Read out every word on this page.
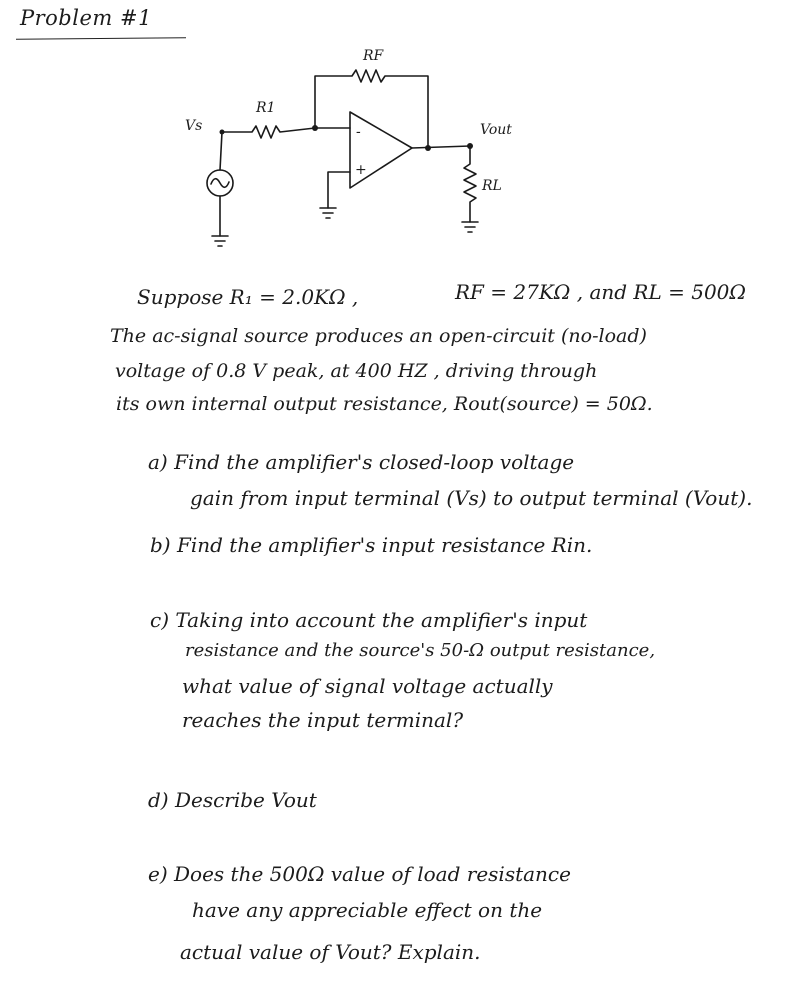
Problem #1
RF
R1
Vs	Vout
RL
-
+
Suppose R₁ = 2.0KΩ ,	RF = 27KΩ , and RL = 500Ω
The ac-signal source produces an open-circuit (no-load)
voltage of 0.8 V peak, at 400 HZ , driving through
its own internal output resistance, Rout(source) = 50Ω.
a) Find the amplifier's closed-loop voltage
gain from input terminal (Vs) to output terminal (Vout).
b) Find the amplifier's input resistance Rin.
c) Taking into account the amplifier's input
resistance and the source's 50-Ω output resistance,
what value of signal voltage actually
reaches the input terminal?
d) Describe Vout
e) Does the 500Ω value of load resistance
have any appreciable effect on the
actual value of Vout? Explain.
